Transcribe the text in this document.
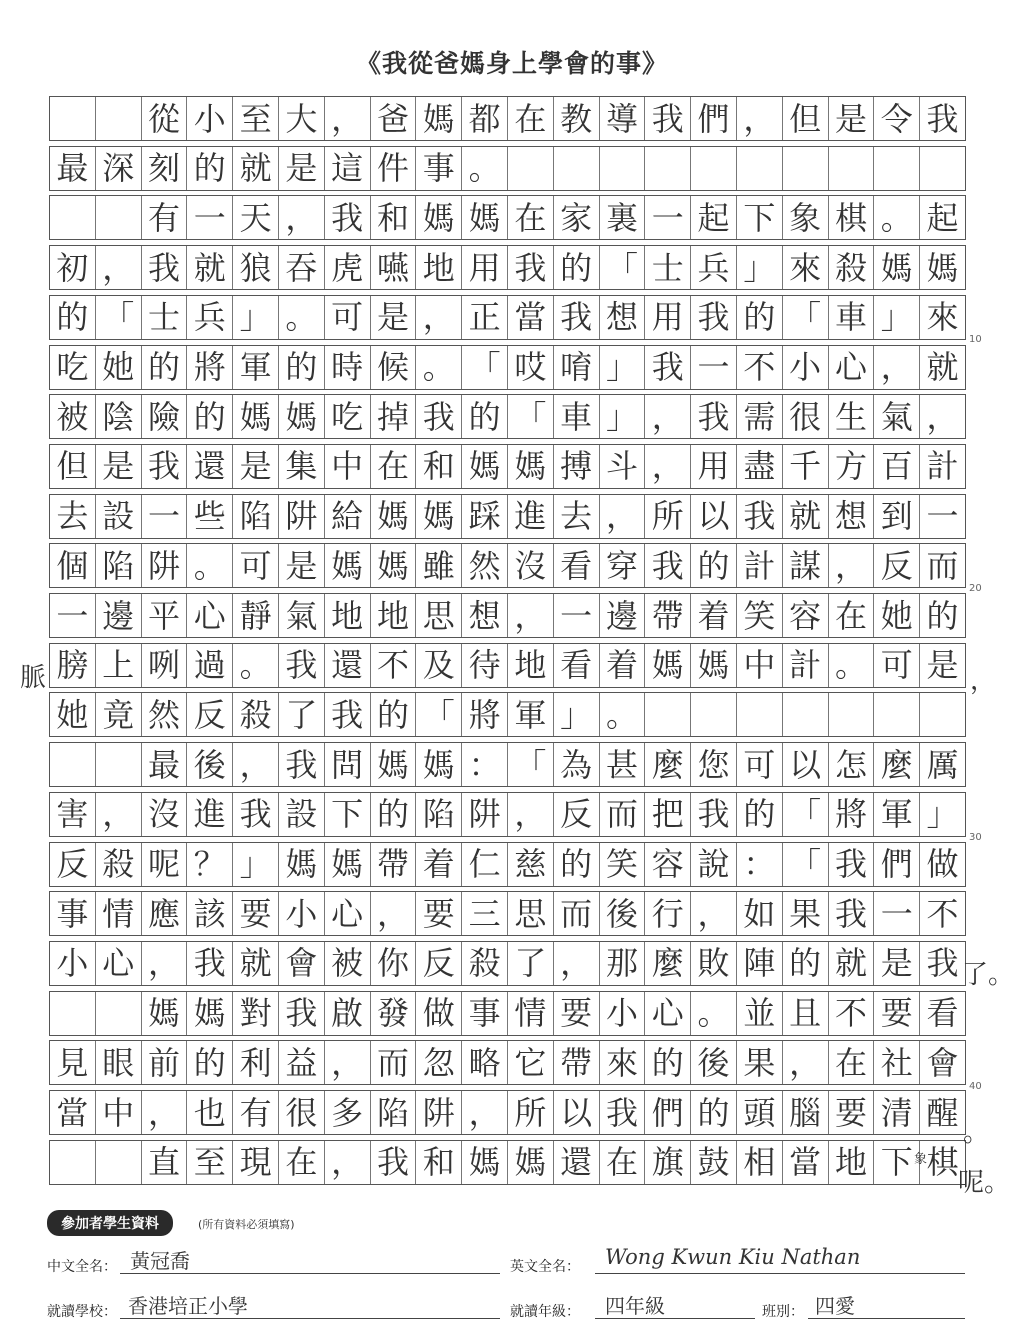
《我從爸媽身上學會的事》
從 小 至 大 ， 爸 媽 都 在 教 導 我 們 ， 但 是 令 我
最 深 刻 的 就 是 這 件 事 。
有 一 天 ， 我 和 媽 媽 在 家 裏 一 起 下 象 棋 。 起
初 ， 我 就 狼 吞 虎 嚥 地 用 我 的 「 士 兵 」 來 殺 媽 媽
的 「 士 兵 」 。 可 是 ， 正 當 我 想 用 我 的 「 車 」 來
吃 她 的 將 軍 的 時 候 。 「 哎 唷 」 我 一 不 小 心 ， 就
被 陰 險 的 媽 媽 吃 掉 我 的 「 車 」 ， 我 需 很 生 氣 ，
但 是 我 還 是 集 中 在 和 媽 媽 搏 斗 ， 用 盡 千 方 百 計
去 設 一 些 陷 阱 給 媽 媽 踩 進 去 ， 所 以 我 就 想 到 一
個 陷 阱 。 可 是 媽 媽 雖 然 沒 看 穿 我 的 計 謀 ， 反 而
一 邊 平 心 靜 氣 地 地 思 想 ， 一 邊 帶 着 笑 容 在 她 的
膀 上 咧 過 。 我 還 不 及 待 地 看 着 媽 媽 中 計 。 可 是
她 竟 然 反 殺 了 我 的 「 將 軍 」 。
最 後 ， 我 問 媽 媽 ： 「 為 甚 麼 您 可 以 怎 麼 厲
害 ， 沒 進 我 設 下 的 陷 阱 ， 反 而 把 我 的 「 將 軍 」
反 殺 呢 ？ 」 媽 媽 帶 着 仁 慈 的 笑 容 說 ： 「 我 們 做
事 情 應 該 要 小 心 ， 要 三 思 而 後 行 ， 如 果 我 一 不
小 心 ， 我 就 會 被 你 反 殺 了 ， 那 麼 敗 陣 的 就 是 我
媽 媽 對 我 啟 發 做 事 情 要 小 心 。 並 且 不 要 看
見 眼 前 的 利 益 ， 而 忽 略 它 帶 來 的 後 果 ， 在 社 會
當 中 ， 也 有 很 多 陷 阱 ， 所 以 我 們 的 頭 腦 要 清 醒
直 至 現 在 ， 我 和 媽 媽 還 在 旗 鼓 相 當 地 下 棋
脈	，
了。
。
象
呢。
10
20
30
40
參加者學生資料	(所有資料必須填寫)
中文全名： 黃冠喬	英文全名： Wong Kwun Kiu Nathan
就讀學校： 香港培正小學	就讀年級： 四年級	班別： 四愛
